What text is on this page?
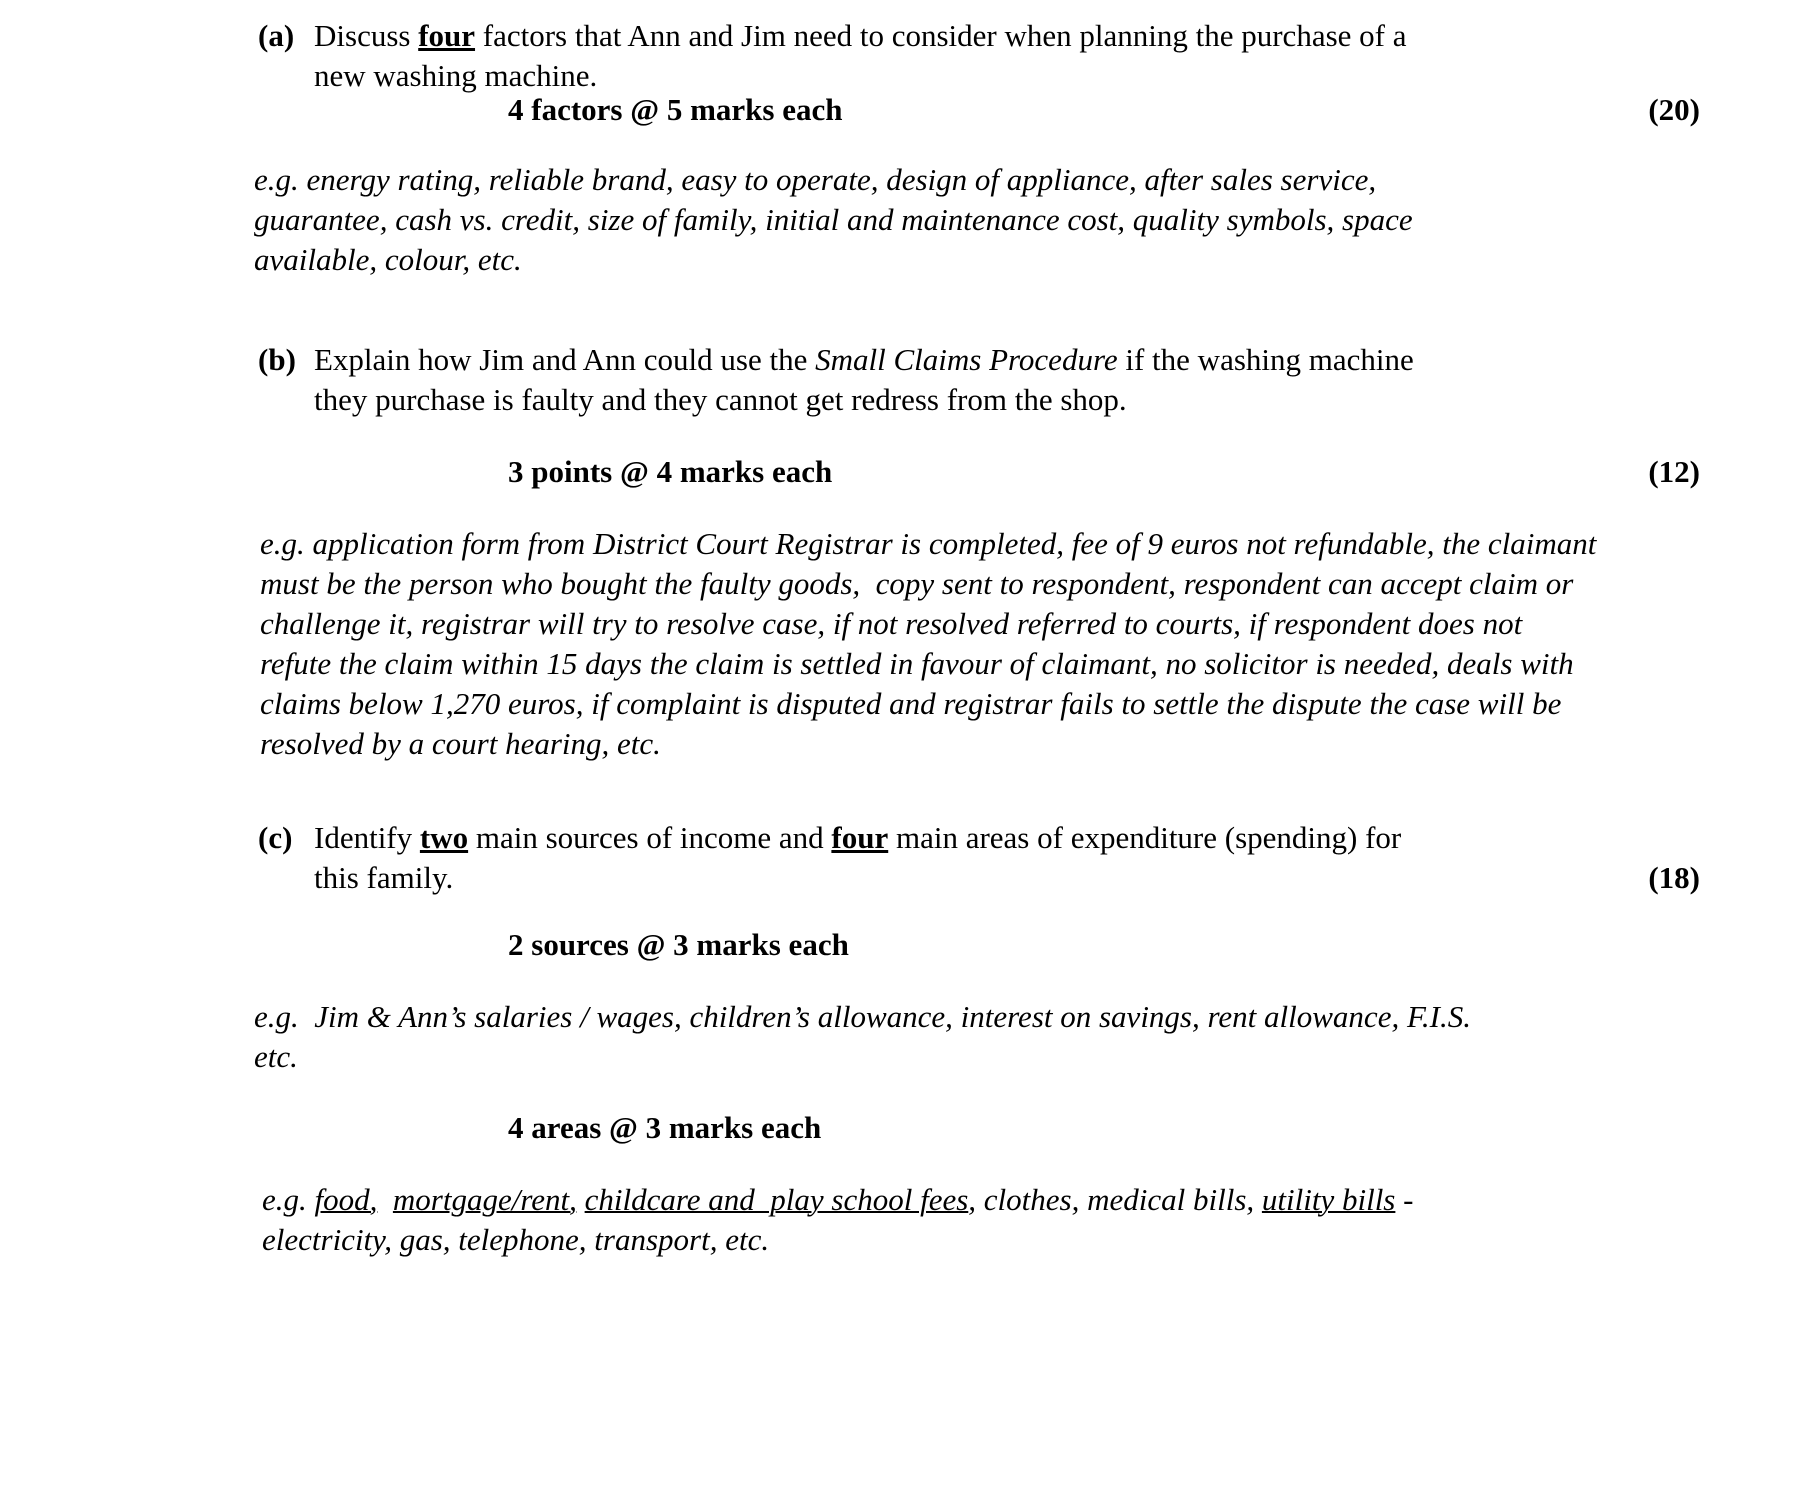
(a) Discuss four factors that Ann and Jim need to consider when planning the purchase of a
new washing machine.
4 factors @ 5 marks each	(20)

e.g. energy rating, reliable brand, easy to operate, design of appliance, after sales service, guarantee, cash vs. credit, size of family, initial and maintenance cost, quality symbols, space available, colour, etc.

(b) Explain how Jim and Ann could use the Small Claims Procedure if the washing machine
they purchase is faulty and they cannot get redress from the shop.
3 points @ 4 marks each	(12)

e.g. application form from District Court Registrar is completed, fee of 9 euros not refundable, the claimant must be the person who bought the faulty goods,  copy sent to respondent, respondent can accept claim or challenge it, registrar will try to resolve case, if not resolved referred to courts, if respondent does not refute the claim within 15 days the claim is settled in favour of claimant, no solicitor is needed, deals with claims below 1,270 euros, if complaint is disputed and registrar fails to settle the dispute the case will be resolved by a court hearing, etc.

(c) Identify two main sources of income and four main areas of expenditure (spending) for
this family.	(18)
2 sources @ 3 marks each

e.g.  Jim & Ann’s salaries / wages, children’s allowance, interest on savings, rent allowance, F.I.S. etc.

4 areas @ 3 marks each

e.g. food, mortgage/rent, childcare and  play school fees, clothes, medical bills, utility bills - electricity, gas, telephone, transport, etc.
